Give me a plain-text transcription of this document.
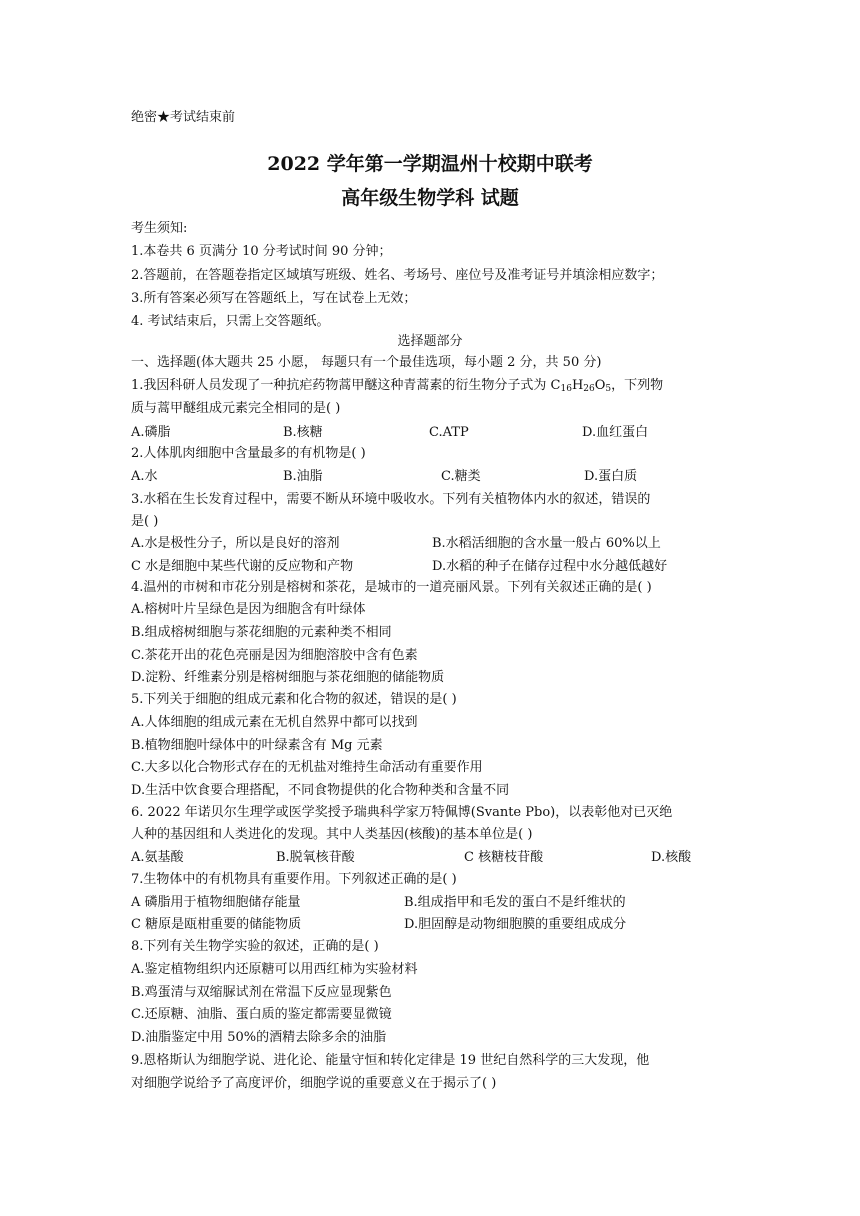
绝密★考试结束前
2022 学年第一学期温州十校期中联考
高年级生物学科 试题
考生须知:
1.本卷共 6 页满分 10 分考试时间 90 分钟；
2.答题前，在答题卷指定区域填写班级、姓名、考场号、座位号及准考证号并填涂相应数字；
3.所有答案必须写在答题纸上，写在试卷上无效；
4. 考试结束后，只需上交答题纸。
选择题部分
一、选择题(体大题共 25 小愿， 每题只有一个最佳选项，每小题 2 分，共 50 分)
1.我因科研人员发现了一种抗疟药物蒿甲醚这种青蒿素的衍生物分子式为 $C_{16}H_{26}O_5$，下列物
质与蒿甲醚组成元素完全相同的是( )
A.磷脂	B.核糖	C.ATP	D.血红蛋白
2.人体肌肉细胞中含量最多的有机物是( )
A.水	B.油脂	C.糖类	D.蛋白质
3.水稻在生长发育过程中，需要不断从环境中吸收水。下列有关植物体内水的叙述，错误的
是( )
A.水是极性分子，所以是良好的溶剂	B.水稻活细胞的含水量一般占 60%以上
C 水是细胞中某些代谢的反应物和产物	D.水稻的种子在储存过程中水分越低越好
4.温州的市树和市花分别是榕树和茶花，是城市的一道亮丽风景。下列有关叙述正确的是( )
A.榕树叶片呈绿色是因为细胞含有叶绿体
B.组成榕树细胞与茶花细胞的元素种类不相同
C.茶花开出的花色亮丽是因为细胞溶胶中含有色素
D.淀粉、纤维素分别是榕树细胞与茶花细胞的储能物质
5.下列关于细胞的组成元素和化合物的叙述，错误的是( )
A.人体细胞的组成元素在无机自然界中都可以找到
B.植物细胞叶绿体中的叶绿素含有 Mg 元素
C.大多以化合物形式存在的无机盐对维持生命活动有重要作用
D.生活中饮食要合理搭配，不同食物提供的化合物种类和含量不同
6. 2022 年诺贝尔生理学或医学奖授予瑞典科学家万特佩博(Svante Pbo)，以表彰他对已灭绝
人种的基因组和人类进化的发现。其中人类基因(核酸)的基本单位是( )
A.氨基酸	B.脱氧核苷酸	C 核糖枝苷酸	D.核酸
7.生物体中的有机物具有重要作用。下列叙述正确的是( )
A 磷脂用于植物细胞储存能量	B.组成指甲和毛发的蛋白不是纤维状的
C 糖原是瓯柑重要的储能物质	D.胆固醇是动物细胞膜的重要组成成分
8.下列有关生物学实验的叙述，正确的是( )
A.鉴定植物组织内还原糖可以用西红柿为实验材料
B.鸡蛋清与双缩脲试剂在常温下反应显现紫色
C.还原糖、油脂、蛋白质的鉴定都需要显微镜
D.油脂鉴定中用 50%的酒精去除多余的油脂
9.恩格斯认为细胞学说、进化论、能量守恒和转化定律是 19 世纪自然科学的三大发现，他
对细胞学说给予了高度评价，细胞学说的重要意义在于揭示了( )
